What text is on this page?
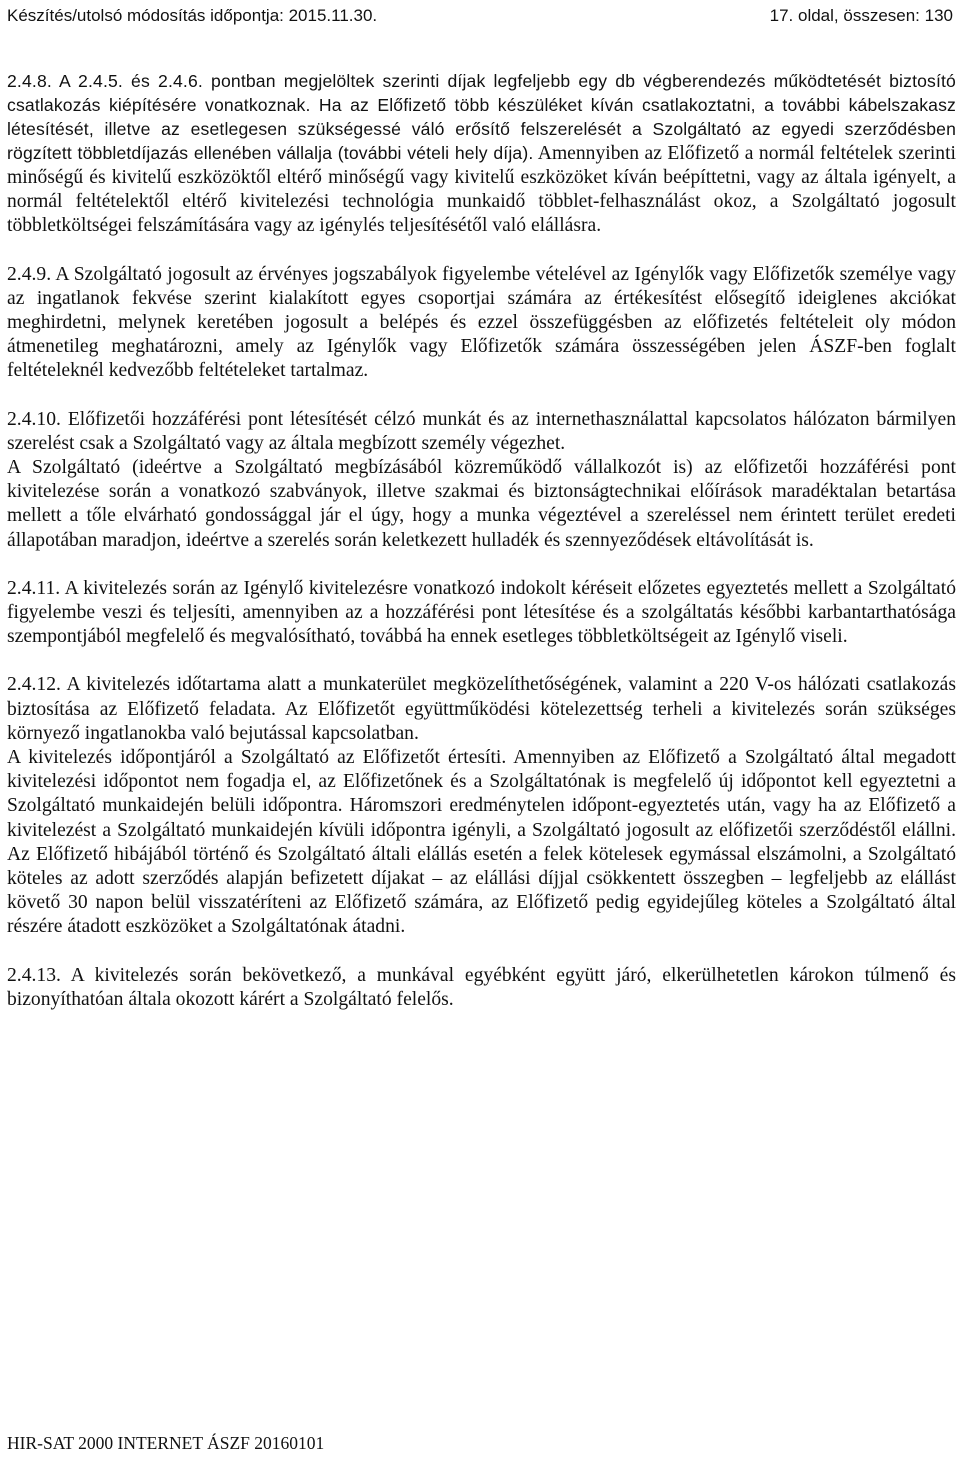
Készítés/utolsó módosítás időpontja: 2015.11.30.	17. oldal, összesen: 130

2.4.8. A 2.4.5. és 2.4.6. pontban megjelöltek szerinti díjak legfeljebb egy db végberendezés működtetését biztosító csatlakozás kiépítésére vonatkoznak. Ha az Előfizető több készüléket kíván csatlakoztatni, a további kábelszakasz létesítését, illetve az esetlegesen szükségessé váló erősítő felszerelését a Szolgáltató az egyedi szerződésben rögzített többletdíjazás ellenében vállalja (további vételi hely díja). Amennyiben az Előfizető a normál feltételek szerinti minőségű és kivitelű eszközöktől eltérő minőségű vagy kivitelű eszközöket kíván beépíttetni, vagy az általa igényelt, a normál feltételektől eltérő kivitelezési technológia munkaidő többlet-felhasználást okoz, a Szolgáltató jogosult többletköltségei felszámítására vagy az igénylés teljesítésétől való elállásra.

2.4.9. A Szolgáltató jogosult az érvényes jogszabályok figyelembe vételével az Igénylők vagy Előfizetők személye vagy az ingatlanok fekvése szerint kialakított egyes csoportjai számára az értékesítést elősegítő ideiglenes akciókat meghirdetni, melynek keretében jogosult a belépés és ezzel összefüggésben az előfizetés feltételeit oly módon átmenetileg meghatározni, amely az Igénylők vagy Előfizetők számára összességében jelen ÁSZF-ben foglalt feltételeknél kedvezőbb feltételeket tartalmaz.

2.4.10. Előfizetői hozzáférési pont létesítését célzó munkát és az internethasználattal kapcsolatos hálózaton bármilyen szerelést csak a Szolgáltató vagy az általa megbízott személy végezhet.

A Szolgáltató (ideértve a Szolgáltató megbízásából közreműködő vállalkozót is) az előfizetői hozzáférési pont kivitelezése során a vonatkozó szabványok, illetve szakmai és biztonságtechnikai előírások maradéktalan betartása mellett a tőle elvárható gondossággal jár el úgy, hogy a munka végeztével a szereléssel nem érintett terület eredeti állapotában maradjon, ideértve a szerelés során keletkezett hulladék és szennyeződések eltávolítását is.

2.4.11. A kivitelezés során az Igénylő kivitelezésre vonatkozó indokolt kéréseit előzetes egyeztetés mellett a Szolgáltató figyelembe veszi és teljesíti, amennyiben az a hozzáférési pont létesítése és a szolgáltatás későbbi karbantarthatósága szempontjából megfelelő és megvalósítható, továbbá ha ennek esetleges többletköltségeit az Igénylő viseli.

2.4.12. A kivitelezés időtartama alatt a munkaterület megközelíthetőségének, valamint a 220 V-os hálózati csatlakozás biztosítása az Előfizető feladata. Az Előfizetőt együttműködési kötelezettség terheli a kivitelezés során szükséges környező ingatlanokba való bejutással kapcsolatban.

A kivitelezés időpontjáról a Szolgáltató az Előfizetőt értesíti. Amennyiben az Előfizető a Szolgáltató által megadott kivitelezési időpontot nem fogadja el, az Előfizetőnek és a Szolgáltatónak is megfelelő új időpontot kell egyeztetni a Szolgáltató munkaidején belüli időpontra. Háromszori eredménytelen időpont-egyeztetés után, vagy ha az Előfizető a kivitelezést a Szolgáltató munkaidején kívüli időpontra igényli, a Szolgáltató jogosult az előfizetői szerződéstől elállni. Az Előfizető hibájából történő és Szolgáltató általi elállás esetén a felek kötelesek egymással elszámolni, a Szolgáltató köteles az adott szerződés alapján befizetett díjakat – az elállási díjjal csökkentett összegben – legfeljebb az elállást követő 30 napon belül visszatéríteni az Előfizető számára, az Előfizető pedig egyidejűleg köteles a Szolgáltató által részére átadott eszközöket a Szolgáltatónak átadni.

2.4.13. A kivitelezés során bekövetkező, a munkával egyébként együtt járó, elkerülhetetlen károkon túlmenő és bizonyíthatóan általa okozott kárért a Szolgáltató felelős.

HIR-SAT 2000 INTERNET ÁSZF 20160101
